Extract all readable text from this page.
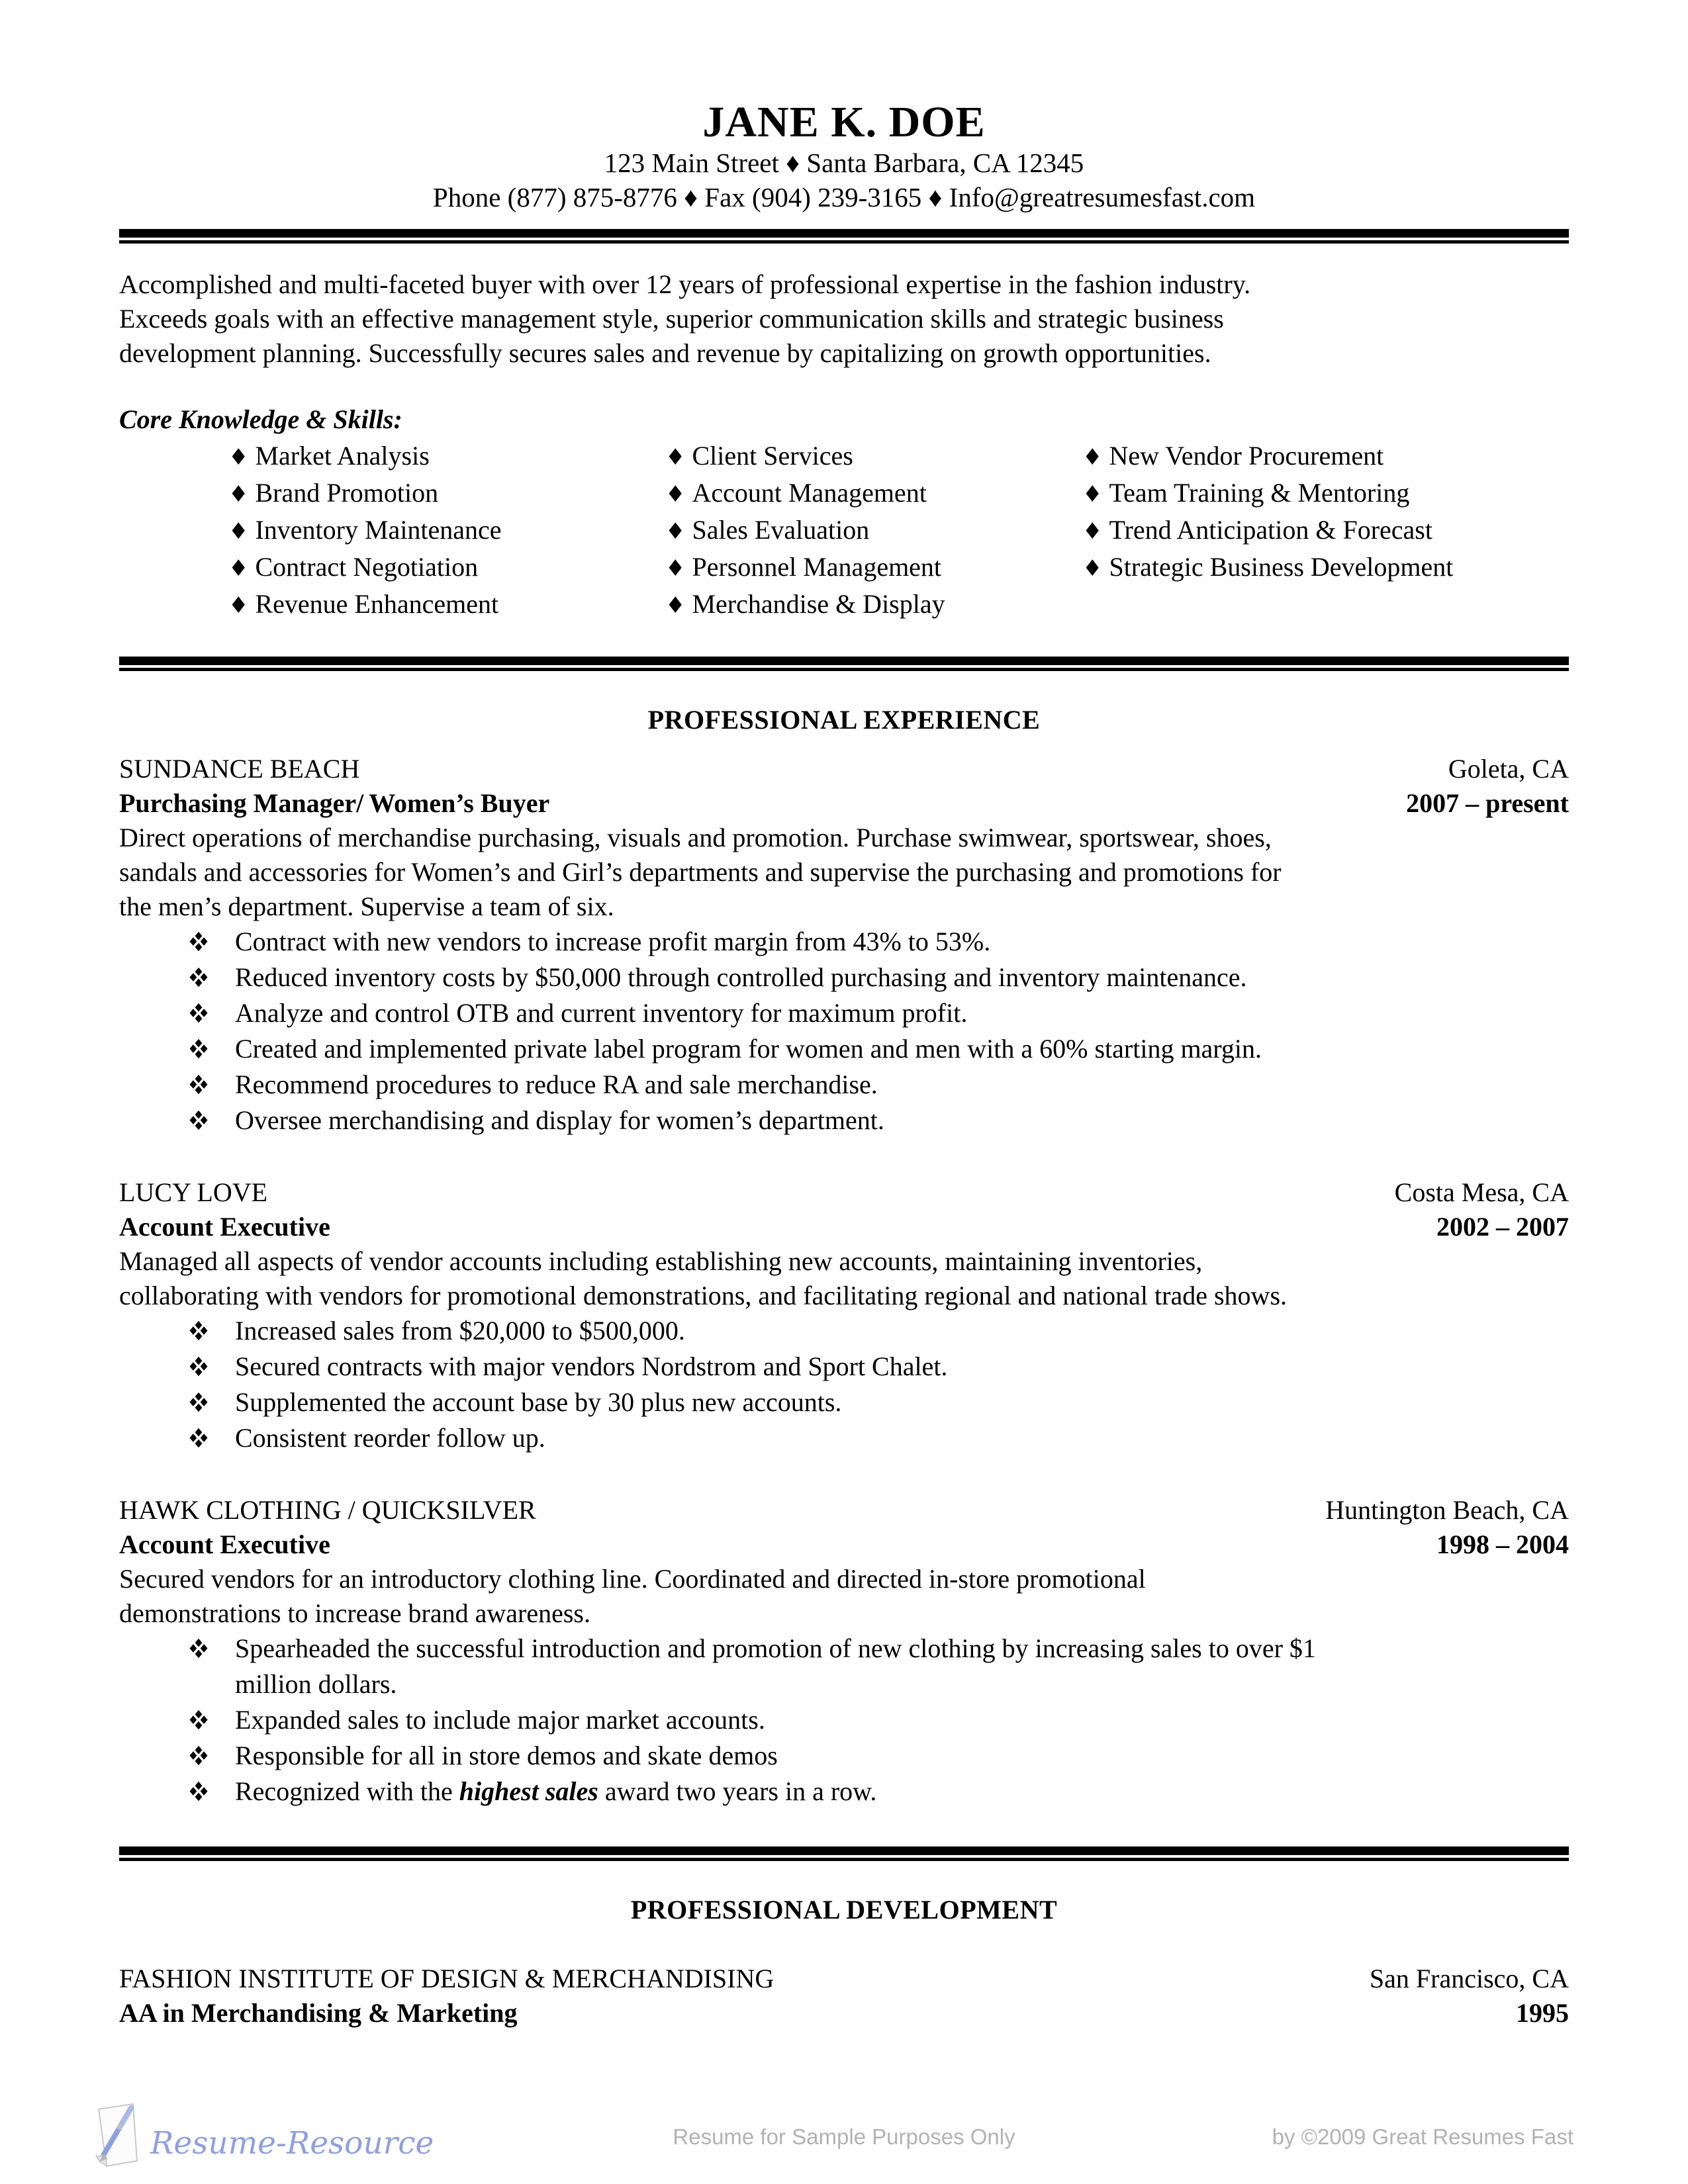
JANE K. DOE
123 Main Street ♦ Santa Barbara, CA 12345
Phone (877) 875-8776 ♦ Fax (904) 239-3165 ♦ Info@greatresumesfast.com
Accomplished and multi-faceted buyer with over 12 years of professional expertise in the fashion industry.
Exceeds goals with an effective management style, superior communication skills and strategic business
development planning. Successfully secures sales and revenue by capitalizing on growth opportunities.
Core Knowledge & Skills:
♦ Market Analysis
♦ Brand Promotion
♦ Inventory Maintenance
♦ Contract Negotiation
♦ Revenue Enhancement
♦ Client Services
♦ Account Management
♦ Sales Evaluation
♦ Personnel Management
♦ Merchandise & Display
♦ New Vendor Procurement
♦ Team Training & Mentoring
♦ Trend Anticipation & Forecast
♦ Strategic Business Development
PROFESSIONAL EXPERIENCE
SUNDANCE BEACH	Goleta, CA
Purchasing Manager/ Women’s Buyer	2007 – present
Direct operations of merchandise purchasing, visuals and promotion. Purchase swimwear, sportswear, shoes,
sandals and accessories for Women’s and Girl’s departments and supervise the purchasing and promotions for
the men’s department. Supervise a team of six.
Contract with new vendors to increase profit margin from 43% to 53%.
Reduced inventory costs by $50,000 through controlled purchasing and inventory maintenance.
Analyze and control OTB and current inventory for maximum profit.
Created and implemented private label program for women and men with a 60% starting margin.
Recommend procedures to reduce RA and sale merchandise.
Oversee merchandising and display for women’s department.
LUCY LOVE	Costa Mesa, CA
Account Executive	2002 – 2007
Managed all aspects of vendor accounts including establishing new accounts, maintaining inventories,
collaborating with vendors for promotional demonstrations, and facilitating regional and national trade shows.
Increased sales from $20,000 to $500,000.
Secured contracts with major vendors Nordstrom and Sport Chalet.
Supplemented the account base by 30 plus new accounts.
Consistent reorder follow up.
HAWK CLOTHING / QUICKSILVER	Huntington Beach, CA
Account Executive	1998 – 2004
Secured vendors for an introductory clothing line. Coordinated and directed in-store promotional
demonstrations to increase brand awareness.
Spearheaded the successful introduction and promotion of new clothing by increasing sales to over $1
million dollars.
Expanded sales to include major market accounts.
Responsible for all in store demos and skate demos
Recognized with the highest sales award two years in a row.
PROFESSIONAL DEVELOPMENT
FASHION INSTITUTE OF DESIGN & MERCHANDISING	San Francisco, CA
AA in Merchandising & Marketing	1995
Resume-Resource	Resume for Sample Purposes Only	by ©2009 Great Resumes Fast
